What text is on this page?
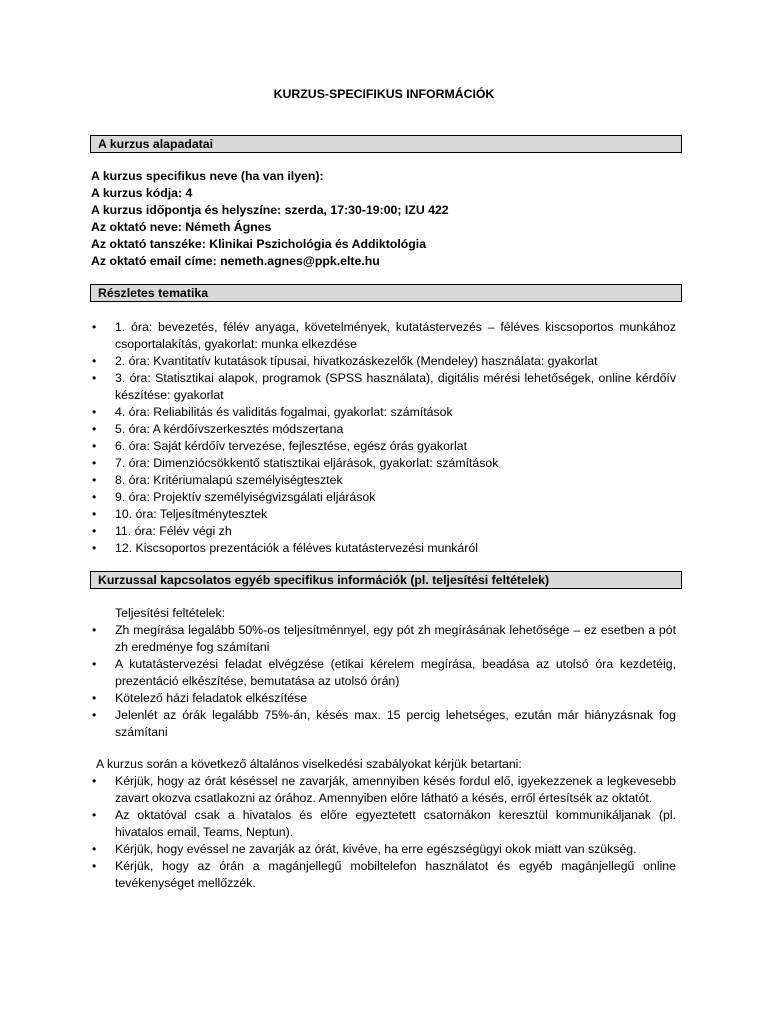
KURZUS-SPECIFIKUS INFORMÁCIÓK
A kurzus alapadatai
A kurzus specifikus neve (ha van ilyen):
A kurzus kódja: 4
A kurzus időpontja és helyszíne: szerda, 17:30-19:00; IZU 422
Az oktató neve: Németh Ágnes
Az oktató tanszéke: Klinikai Pszichológia és Addiktológia
Az oktató email címe: nemeth.agnes@ppk.elte.hu
Részletes tematika
• 1. óra: bevezetés, félév anyaga, követelmények, kutatástervezés – féléves kiscsoportos munkához csoportalakítás, gyakorlat: munka elkezdése
• 2. óra: Kvantitatív kutatások típusai, hivatkozáskezelők (Mendeley) használata: gyakorlat
• 3. óra: Statisztikai alapok, programok (SPSS használata), digitális mérési lehetőségek, online kérdőív készítése: gyakorlat
• 4. óra: Reliabilitás és validitás fogalmai, gyakorlat: számítások
• 5. óra: A kérdőívszerkesztés módszertana
• 6. óra: Saját kérdőív tervezése, fejlesztése, egész órás gyakorlat
• 7. óra: Dimenziócsökkentő statisztikai eljárások, gyakorlat: számítások
• 8. óra: Kritériumalapú személyiségtesztek
• 9. óra: Projektív személyiségvizsgálati eljárások
• 10. óra: Teljesítménytesztek
• 11. óra: Félév végi zh
• 12. Kiscsoportos prezentációk a féléves kutatástervezési munkáról
Kurzussal kapcsolatos egyéb specifikus információk (pl. teljesítési feltételek)
Teljesítési feltételek:
• Zh megírása legalább 50%-os teljesítménnyel, egy pót zh megírásának lehetősége – ez esetben a pót zh eredménye fog számítani
• A kutatástervezési feladat elvégzése (etikai kérelem megírása, beadása az utolsó óra kezdetéig, prezentáció elkészítése, bemutatása az utolsó órán)
• Kötelező házi feladatok elkészítése
• Jelenlét az órák legalább 75%-án, késés max. 15 percig lehetséges, ezután már hiányzásnak fog számítani
A kurzus során a következő általános viselkedési szabályokat kérjük betartani:
• Kérjük, hogy az órát késéssel ne zavarják, amennyiben késés fordul elő, igyekezzenek a legkevesebb zavart okozva csatlakozni az órához. Amennyiben előre látható a késés, erről értesítsék az oktatót.
• Az oktatóval csak a hivatalos és előre egyeztetett csatornákon keresztül kommunikáljanak (pl. hivatalos email, Teams, Neptun).
• Kérjük, hogy evéssel ne zavarják az órát, kivéve, ha erre egészségügyi okok miatt van szükség.
• Kérjük, hogy az órán a magánjellegű mobiltelefon használatot és egyéb magánjellegű online tevékenységet mellőzzék.
